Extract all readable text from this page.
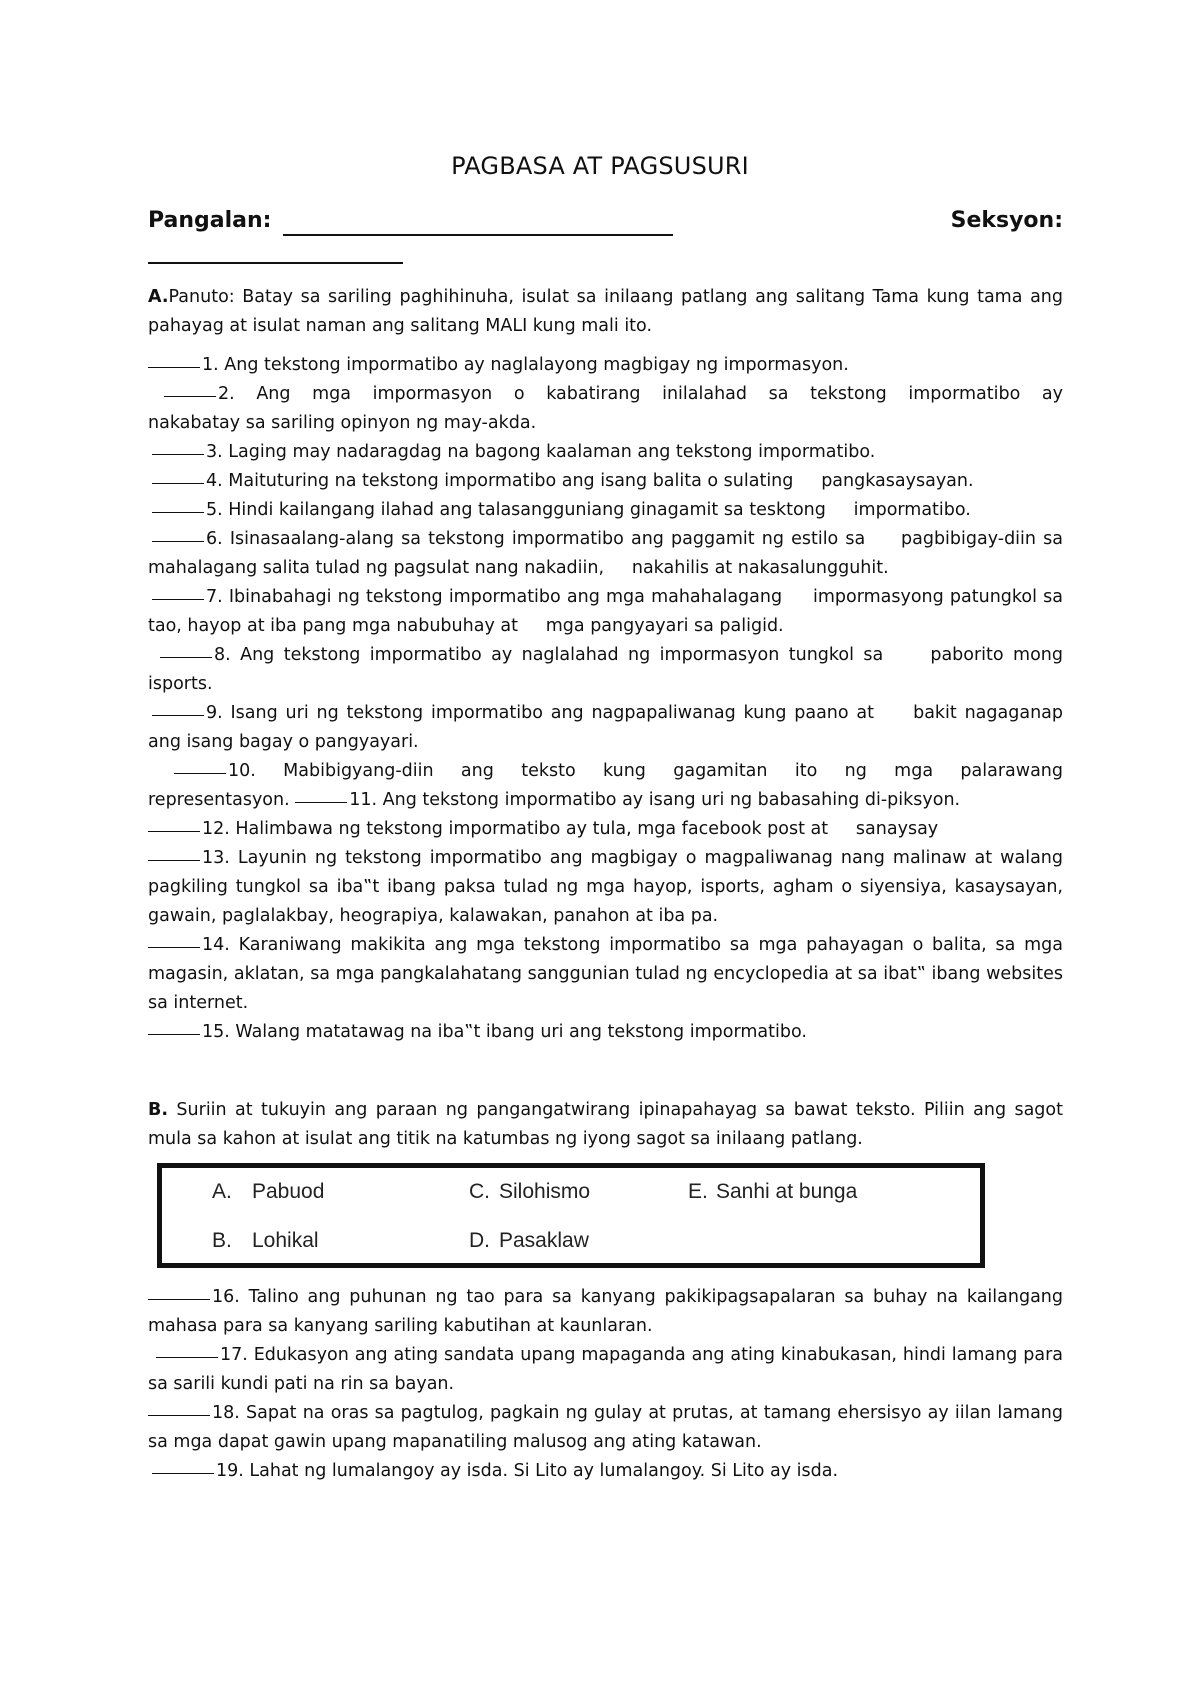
PAGBASA AT PAGSUSURI
Pangalan:	Seksyon:

A.Panuto: Batay sa sariling paghihinuha, isulat sa inilaang patlang ang salitang Tama kung tama ang pahayag at isulat naman ang salitang MALI kung mali ito.

1. Ang tekstong impormatibo ay naglalayong magbigay ng impormasyon.

2. Ang mga impormasyon o kabatirang inilalahad sa tekstong impormatibo ay

nakabatay sa sariling opinyon ng may-akda.

3. Laging may nadaragdag na bagong kaalaman ang tekstong impormatibo.

4. Maituturing na tekstong impormatibo ang isang balita o sulating     pangkasaysayan.

5. Hindi kailangang ilahad ang talasangguniang ginagamit sa tesktong     impormatibo.

6. Isinasaalang-alang sa tekstong impormatibo ang paggamit ng estilo sa     pagbibigay-diin sa mahalagang salita tulad ng pagsulat nang nakadiin,     nakahilis at nakasalungguhit.

7. Ibinabahagi ng tekstong impormatibo ang mga mahahalagang     impormasyong patungkol sa tao, hayop at iba pang mga nabubuhay at     mga pangyayari sa paligid.

8. Ang tekstong impormatibo ay naglalahad ng impormasyon tungkol sa     paborito mong isports.

9. Isang uri ng tekstong impormatibo ang nagpapaliwanag kung paano at     bakit nagaganap ang isang bagay o pangyayari.

10. Mabibigyang-diin ang teksto kung gagamitan ito ng mga palarawang

representasyon.	11. Ang tekstong impormatibo ay isang uri ng babasahing di-piksyon.

12. Halimbawa ng tekstong impormatibo ay tula, mga facebook post at     sanaysay

13. Layunin ng tekstong impormatibo ang magbigay o magpaliwanag nang malinaw at walang pagkiling tungkol sa iba‟t ibang paksa tulad ng mga hayop, isports, agham o siyensiya, kasaysayan, gawain, paglalakbay, heograpiya, kalawakan, panahon at iba pa.

14. Karaniwang makikita ang mga tekstong impormatibo sa mga pahayagan o balita, sa mga magasin, aklatan, sa mga pangkalahatang sanggunian tulad ng encyclopedia at sa ibat‟ ibang websites sa internet.

15. Walang matatawag na iba‟t ibang uri ang tekstong impormatibo.

B. Suriin at tukuyin ang paraan ng pangangatwirang ipinapahayag sa bawat teksto. Piliin ang sagot mula sa kahon at isulat ang titik na katumbas ng iyong sagot sa inilaang patlang.

A. Pabuod	C. Silohismo	E. Sanhi at bunga
B. Lohikal	D. Pasaklaw

16. Talino ang puhunan ng tao para sa kanyang pakikipagsapalaran sa buhay na kailangang mahasa para sa kanyang sariling kabutihan at kaunlaran.

17. Edukasyon ang ating sandata upang mapaganda ang ating kinabukasan, hindi lamang para sa sarili kundi pati na rin sa bayan.

18. Sapat na oras sa pagtulog, pagkain ng gulay at prutas, at tamang ehersisyo ay iilan lamang sa mga dapat gawin upang mapanatiling malusog ang ating katawan.

19. Lahat ng lumalangoy ay isda. Si Lito ay lumalangoy. Si Lito ay isda.
